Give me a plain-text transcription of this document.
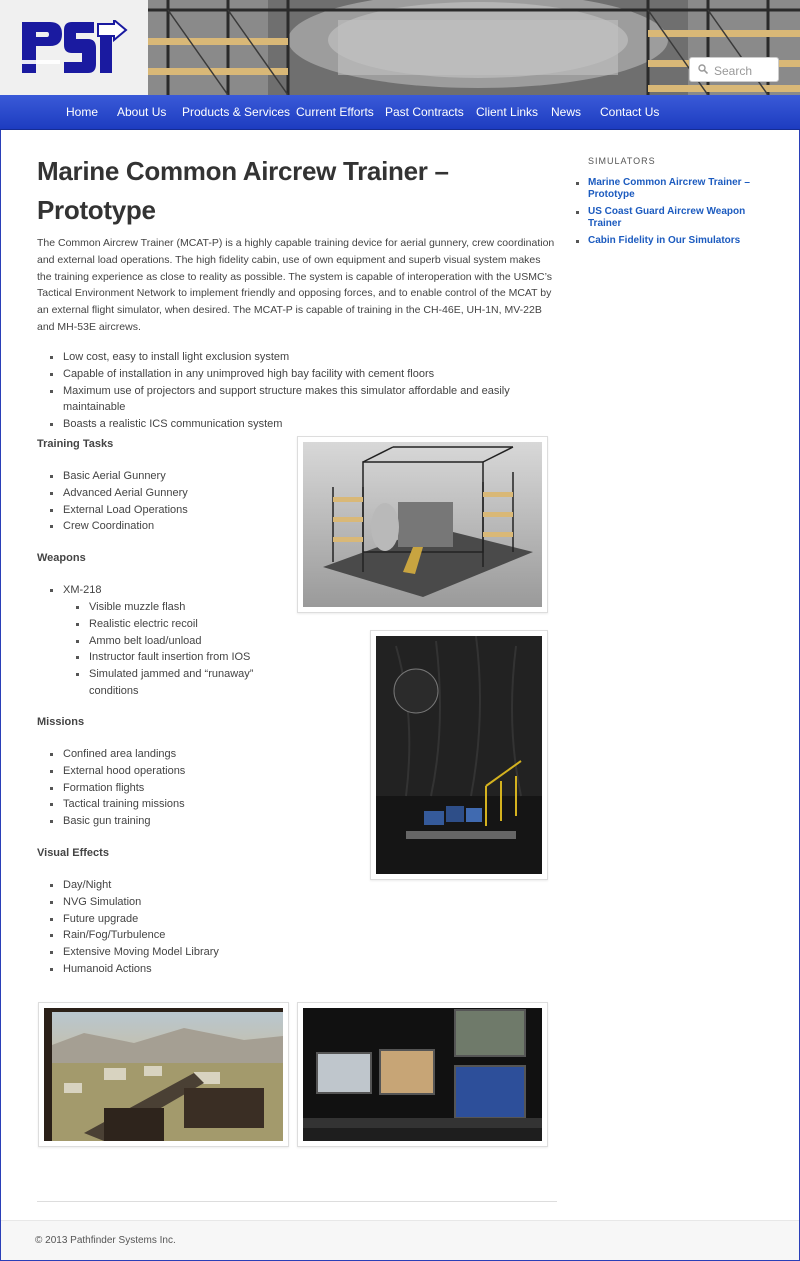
Search
Home About Us Products & Services Current Efforts Past Contracts Client Links News Contact Us
Marine Common Aircrew Trainer –
Prototype

The Common Aircrew Trainer (MCAT-P) is a highly capable training device for aerial gunnery, crew coordination and external load operations. The high fidelity cabin, use of own equipment and superb visual system makes the training experience as close to reality as possible. The system is capable of interoperation with the USMC’s Tactical Environment Network to implement friendly and opposing forces, and to enable control of the MCAT by an external flight simulator, when desired. The MCAT-P is capable of training in the CH-46E, UH-1N, MV-22B and MH-53E aircrews.

Low cost, easy to install light exclusion system
Capable of installation in any unimproved high bay facility with cement floors
Maximum use of projectors and support structure makes this simulator affordable and easily maintainable
Boasts a realistic ICS communication system
Training Tasks
Basic Aerial Gunnery
Advanced Aerial Gunnery
External Load Operations
Crew Coordination
Weapons
XM-218
Visible muzzle flash
Realistic electric recoil
Ammo belt load/unload
Instructor fault insertion from IOS
Simulated jammed and “runaway” conditions
Missions
Confined area landings
External hood operations
Formation flights
Tactical training missions
Basic gun training
Visual Effects
Day/Night
NVG Simulation
Future upgrade
Rain/Fog/Turbulence
Extensive Moving Model Library
Humanoid Actions
SIMULATORS
Marine Common Aircrew Trainer – Prototype
US Coast Guard Aircrew Weapon Trainer
Cabin Fidelity in Our Simulators
© 2013 Pathfinder Systems Inc.
